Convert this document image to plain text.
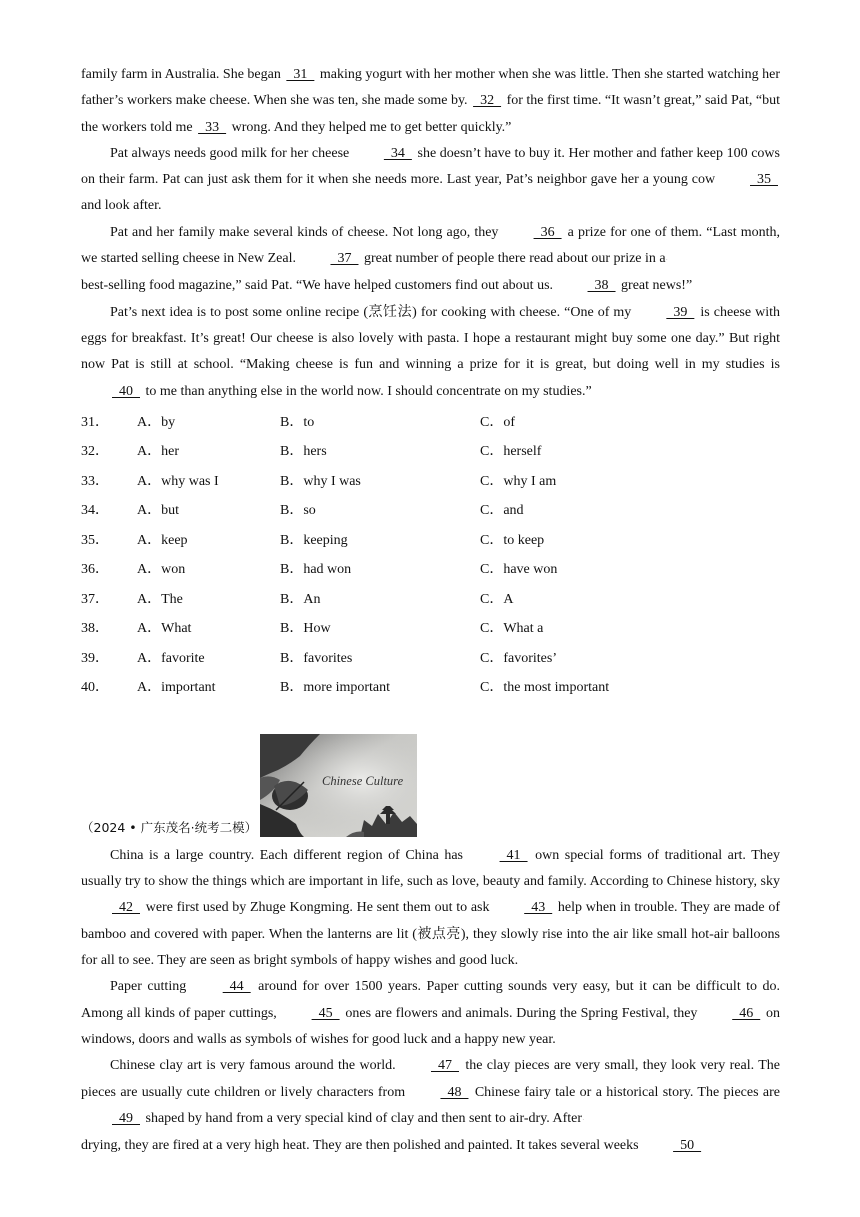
family farm in Australia. She began   31   making yogurt with her mother when she was little. Then she started watching her father’s workers make cheese. When she was ten, she made some by.   32   for the first time. “It wasn’t great,” said Pat, “but the workers told me   33   wrong. And they helped me to get better quickly.”

Pat always needs good milk for her cheese   34   she doesn’t have to buy it. Her mother and father keep 100 cows on their farm. Pat can just ask them for it when she needs more. Last year, Pat’s neighbor gave her a young cow   35   and look after.

Pat and her family make several kinds of cheese. Not long ago, they   36   a prize for one of them. “Last month, we started selling cheese in New Zeal.   37   great number of people there read about our prize in a·
best-selling food magazine,” said Pat. “We have helped customers find out about us.   38   great news!”

Pat’s next idea is to post some online recipe (烹饪法) for cooking with cheese. “One of my   39   is cheese with eggs for breakfast. It’s great! Our cheese is also lovely with pasta. I hope a restaurant might buy some one day.” But right now Pat is still at school. “Making cheese is fun and winning a prize for it is great, but doing well in my studies is   40   to me than anything else in the world now. I should concentrate on my studies.”

31．	A．by	B．to	C．of
32．	A．her	B．hers	C．herself
33．	A．why was I	B．why I was	C．why I am
34．	A．but	B．so	C．and
35．	A．keep	B．keeping	C．to keep
36．	A．won	B．had won	C．have won
37．	A．The	B．An	C．A
38．	A．What	B．How	C．What a
39．	A．favorite	B．favorites	C．favorites’
40．	A．important	B．more important	C．the most important
（2024 • 广东茂名·统考二模）
Chinese Culture

China is a large country. Each different region of China has   41   own special forms of traditional art. They usually try to show the things which are important in life, such as love, beauty and family. According to Chinese history, sky   42   were first used by Zhuge Kongming. He sent them out to ask   43   help when in trouble. They are made of bamboo and covered with paper. When the lanterns are lit (被点亮), they slowly rise into the air like small hot-air balloons for all to see. They are seen as bright symbols of happy wishes and good luck.

Paper cutting   44   around for over 1500 years. Paper cutting sounds very easy, but it can be difficult to do. Among all kinds of paper cuttings,   45   ones are flowers and animals. During the Spring Festival, they   46   on windows, doors and walls as symbols of wishes for good luck and a happy new year.

Chinese clay art is very famous around the world.   47   the clay pieces are very small, they look very real. The pieces are usually cute children or lively characters from   48   Chinese fairy tale or a historical story. The pieces are   49   shaped by hand from a very special kind of clay and then sent to air-dry. After·
drying, they are fired at a very high heat. They are then polished and painted. It takes several weeks   50
